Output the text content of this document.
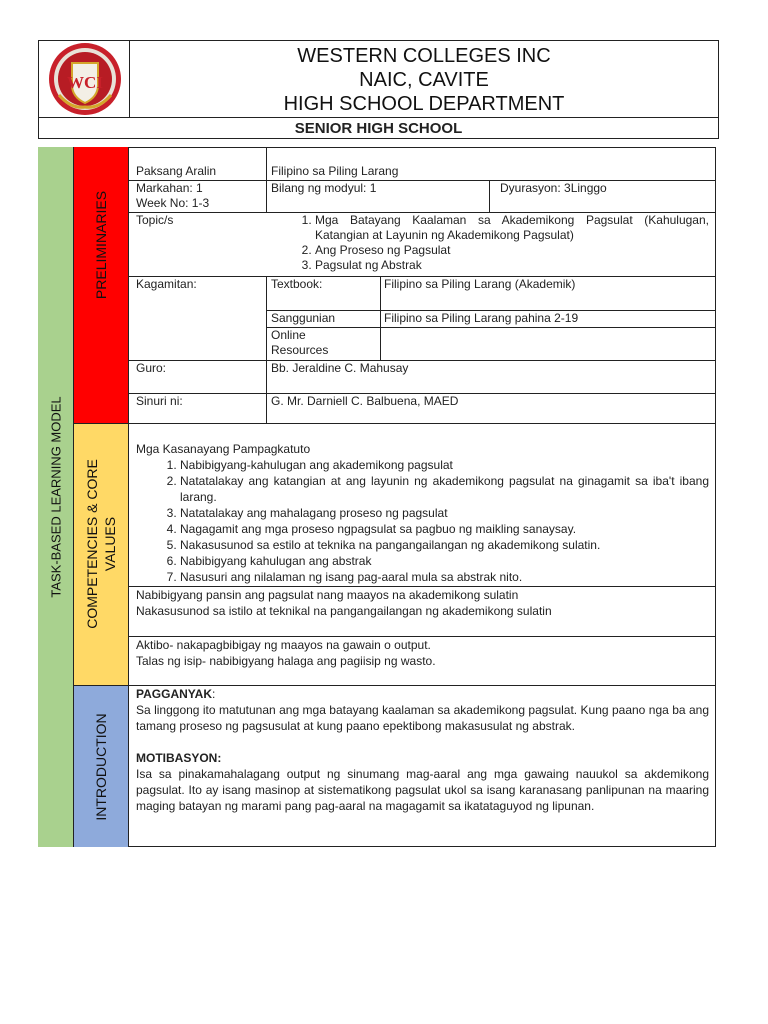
WCI
WESTERN COLLEGES INC
NAIC, CAVITE
HIGH SCHOOL DEPARTMENT
SENIOR HIGH SCHOOL
TASK-BASED LEARNING MODEL
PRELIMINARIES
COMPETENCIES & CORE VALUES
INTRODUCTION
Paksang Aralin	Filipino sa Piling Larang
Markahan: 1
Week No: 1-3
Bilang ng modyul: 1	Dyurasyon: 3Linggo
Topic/s
1.	Mga Batayang Kaalaman sa Akademikong Pagsulat (Kahulugan, Katangian at Layunin ng Akademikong Pagsulat)
2. Ang Proseso ng Pagsulat
3. Pagsulat ng Abstrak
Kagamitan:	Textbook:	Filipino sa Piling Larang (Akademik)
Sanggunian	Filipino sa Piling Larang pahina 2-19
Online
Resources
Guro:	Bb. Jeraldine C. Mahusay
Sinuri ni:	G. Mr. Darniell C. Balbuena, MAED
Mga Kasanayang Pampagkatuto
1. Nabibigyang-kahulugan ang akademikong pagsulat
2. Natatalakay ang katangian at ang layunin ng akademikong pagsulat na ginagamit sa iba't ibang larang.
3. Natatalakay ang mahalagang proseso ng pagsulat
4. Nagagamit ang mga proseso ngpagsulat sa pagbuo ng maikling sanaysay.
5. Nakasusunod sa estilo at teknika na pangangailangan ng akademikong sulatin.
6. Nabibigyang kahulugan ang abstrak
7. Nasusuri ang nilalaman ng isang pag-aaral mula sa abstrak nito.
Nabibigyang pansin ang pagsulat nang maayos na akademikong sulatin
Nakasusunod sa istilo at teknikal na pangangailangan ng akademikong sulatin
Aktibo- nakapagbibigay ng maayos na gawain o output.
Talas ng isip- nabibigyang halaga ang pagiisip ng wasto.
PAGGANYAK:
Sa linggong ito matutunan ang mga batayang kaalaman sa akademikong pagsulat. Kung paano nga ba ang tamang proseso ng pagsusulat at kung paano epektibong makasusulat ng abstrak.
MOTIBASYON:
Isa sa pinakamahalagang output ng sinumang mag-aaral ang mga gawaing nauukol sa akdemikong pagsulat. Ito ay isang masinop at sistematikong pagsulat ukol sa isang karanasang panlipunan na maaring maging batayan ng marami pang pag-aaral na magagamit sa ikatataguyod ng lipunan.
